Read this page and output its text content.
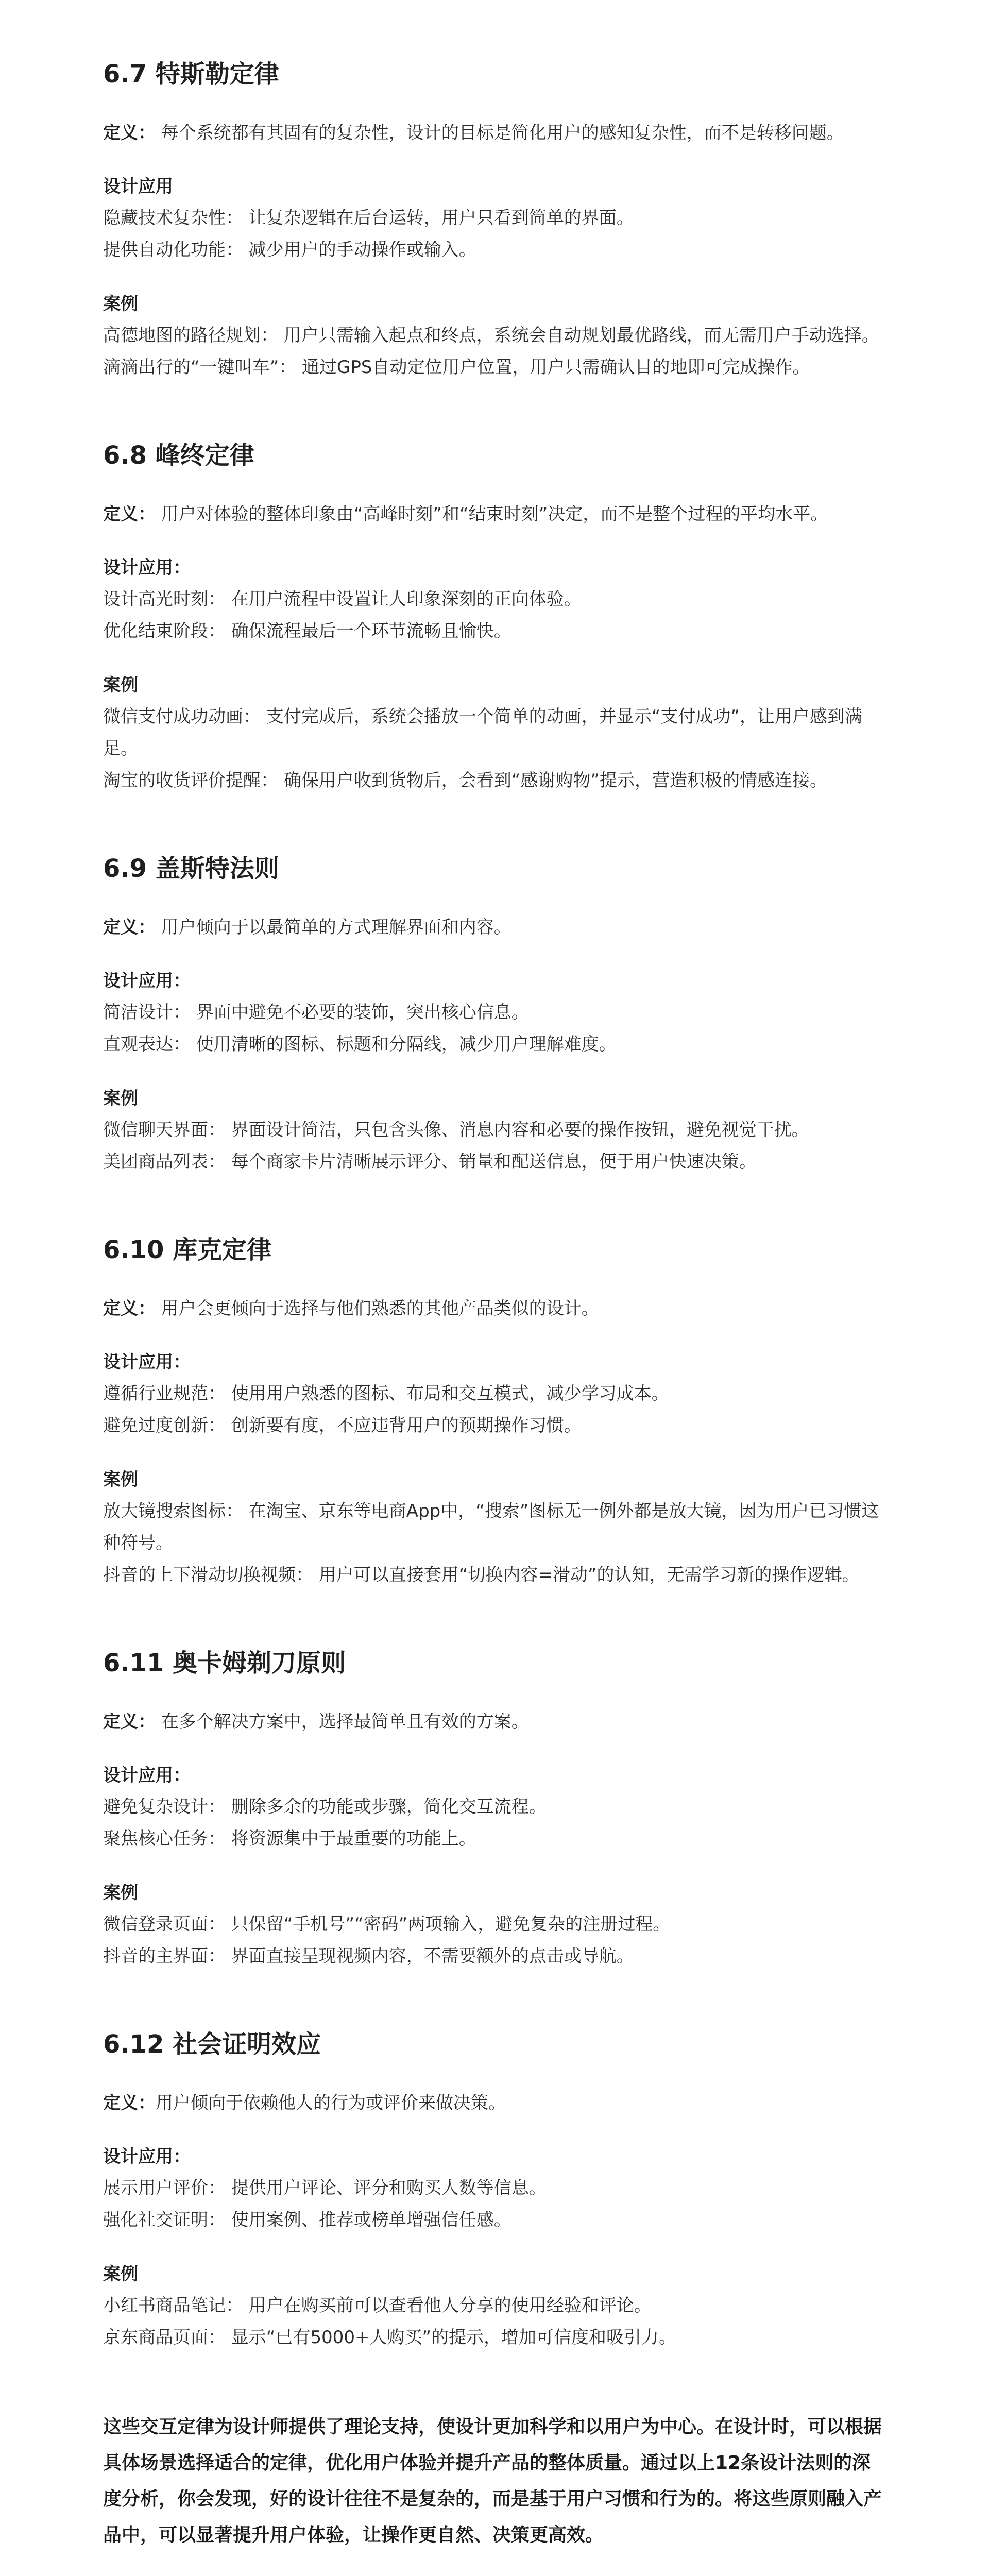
6.7 特斯勒定律
定义： 每个系统都有其固有的复杂性，设计的目标是简化用户的感知复杂性，而不是转移问题。
设计应用
隐藏技术复杂性： 让复杂逻辑在后台运转，用户只看到简单的界面。
提供自动化功能： 减少用户的手动操作或输入。
案例
高德地图的路径规划： 用户只需输入起点和终点，系统会自动规划最优路线，而无需用户手动选择。
滴滴出行的“一键叫车”： 通过GPS自动定位用户位置，用户只需确认目的地即可完成操作。
6.8 峰终定律
定义： 用户对体验的整体印象由“高峰时刻”和“结束时刻”决定，而不是整个过程的平均水平。
设计应用：
设计高光时刻： 在用户流程中设置让人印象深刻的正向体验。
优化结束阶段： 确保流程最后一个环节流畅且愉快。
案例
微信支付成功动画： 支付完成后，系统会播放一个简单的动画，并显示“支付成功”，让用户感到满足。
淘宝的收货评价提醒： 确保用户收到货物后，会看到“感谢购物”提示，营造积极的情感连接。
6.9 盖斯特法则
定义： 用户倾向于以最简单的方式理解界面和内容。
设计应用：
简洁设计： 界面中避免不必要的装饰，突出核心信息。
直观表达： 使用清晰的图标、标题和分隔线，减少用户理解难度。
案例
微信聊天界面： 界面设计简洁，只包含头像、消息内容和必要的操作按钮，避免视觉干扰。
美团商品列表： 每个商家卡片清晰展示评分、销量和配送信息，便于用户快速决策。
6.10 库克定律
定义： 用户会更倾向于选择与他们熟悉的其他产品类似的设计。
设计应用：
遵循行业规范： 使用用户熟悉的图标、布局和交互模式，减少学习成本。
避免过度创新： 创新要有度，不应违背用户的预期操作习惯。
案例
放大镜搜索图标： 在淘宝、京东等电商App中，“搜索”图标无一例外都是放大镜，因为用户已习惯这种符号。
抖音的上下滑动切换视频： 用户可以直接套用“切换内容=滑动”的认知，无需学习新的操作逻辑。
6.11 奥卡姆剃刀原则
定义： 在多个解决方案中，选择最简单且有效的方案。
设计应用：
避免复杂设计： 删除多余的功能或步骤，简化交互流程。
聚焦核心任务： 将资源集中于最重要的功能上。
案例
微信登录页面： 只保留“手机号”“密码”两项输入，避免复杂的注册过程。
抖音的主界面： 界面直接呈现视频内容，不需要额外的点击或导航。
6.12 社会证明效应
定义：用户倾向于依赖他人的行为或评价来做决策。
设计应用：
展示用户评价： 提供用户评论、评分和购买人数等信息。
强化社交证明： 使用案例、推荐或榜单增强信任感。
案例
小红书商品笔记： 用户在购买前可以查看他人分享的使用经验和评论。
京东商品页面： 显示“已有5000+人购买”的提示，增加可信度和吸引力。
这些交互定律为设计师提供了理论支持，使设计更加科学和以用户为中心。在设计时，可以根据具体场景选择适合的定律，优化用户体验并提升产品的整体质量。通过以上12条设计法则的深度分析，你会发现，好的设计往往不是复杂的，而是基于用户习惯和行为的。将这些原则融入产品中，可以显著提升用户体验，让操作更自然、决策更高效。
